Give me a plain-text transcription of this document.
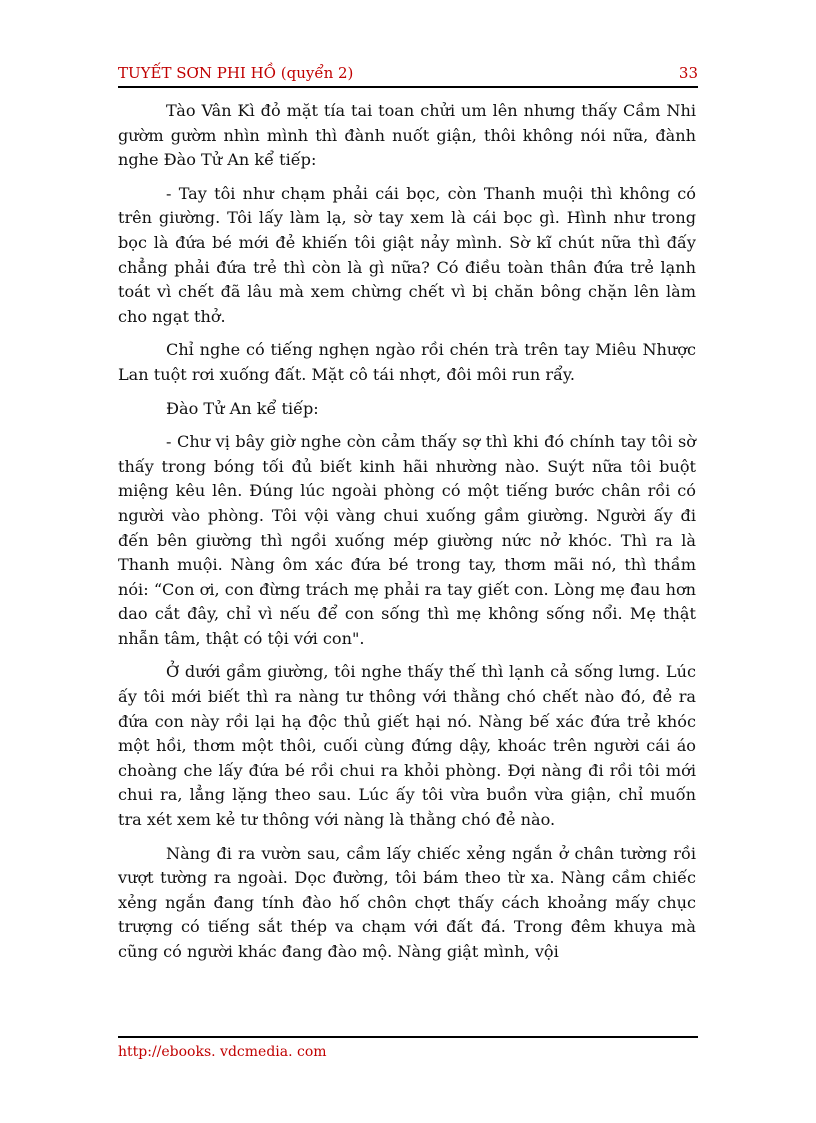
TUYẾT SƠN PHI HỒ (quyển 2)	33

Tào Vân Kì đỏ mặt tía tai toan chửi um lên nhưng thấy Cầm Nhi gườm gườm nhìn mình thì đành nuốt giận, thôi không nói nữa, đành nghe Đào Tử An kể tiếp:

- Tay tôi như chạm phải cái bọc, còn Thanh muội thì không có trên giường. Tôi lấy làm lạ, sờ tay xem là cái bọc gì. Hình như trong bọc là đứa bé mới đẻ khiến tôi giật nảy mình. Sờ kĩ chút nữa thì đấy chẳng phải đứa trẻ thì còn là gì nữa? Có điều toàn thân đứa trẻ lạnh toát vì chết đã lâu mà xem chừng chết vì bị chăn bông chặn lên làm cho ngạt thở.

Chỉ nghe có tiếng nghẹn ngào rồi chén trà trên tay Miêu Nhược Lan tuột rơi xuống đất. Mặt cô tái nhợt, đôi môi run rẩy.

Đào Tử An kể tiếp:

- Chư vị bây giờ nghe còn cảm thấy sợ thì khi đó chính tay tôi sờ thấy trong bóng tối đủ biết kinh hãi nhường nào. Suýt nữa tôi buột miệng kêu lên. Đúng lúc ngoài phòng có một tiếng bước chân rồi có người vào phòng. Tôi vội vàng chui xuống gầm giường. Người ấy đi đến bên giường thì ngồi xuống mép giường nức nở khóc. Thì ra là Thanh muội. Nàng ôm xác đứa bé trong tay, thơm mãi nó, thì thầm nói: “Con ơi, con đừng trách mẹ phải ra tay giết con. Lòng mẹ đau hơn dao cắt đây, chỉ vì nếu để con sống thì mẹ không sống nổi. Mẹ thật nhẫn tâm, thật có tội với con".

Ở dưới gầm giường, tôi nghe thấy thế thì lạnh cả sống lưng. Lúc ấy tôi mới biết thì ra nàng tư thông với thằng chó chết nào đó, đẻ ra đứa con này rồi lại hạ độc thủ giết hại nó. Nàng bế xác đứa trẻ khóc một hồi, thơm một thôi, cuối cùng đứng dậy, khoác trên người cái áo choàng che lấy đứa bé rồi chui ra khỏi phòng. Đợi nàng đi rồi tôi mới chui ra, lẳng lặng theo sau. Lúc ấy tôi vừa buồn vừa giận, chỉ muốn tra xét xem kẻ tư thông với nàng là thằng chó đẻ nào.

Nàng đi ra vườn sau, cầm lấy chiếc xẻng ngắn ở chân tường rồi vượt tường ra ngoài. Dọc đường, tôi bám theo từ xa. Nàng cầm chiếc xẻng ngắn đang tính đào hố chôn chợt thấy cách khoảng mấy chục trượng có tiếng sắt thép va chạm với đất đá. Trong đêm khuya mà cũng có người khác đang đào mộ. Nàng giật mình, vội

http://ebooks. vdcmedia. com
